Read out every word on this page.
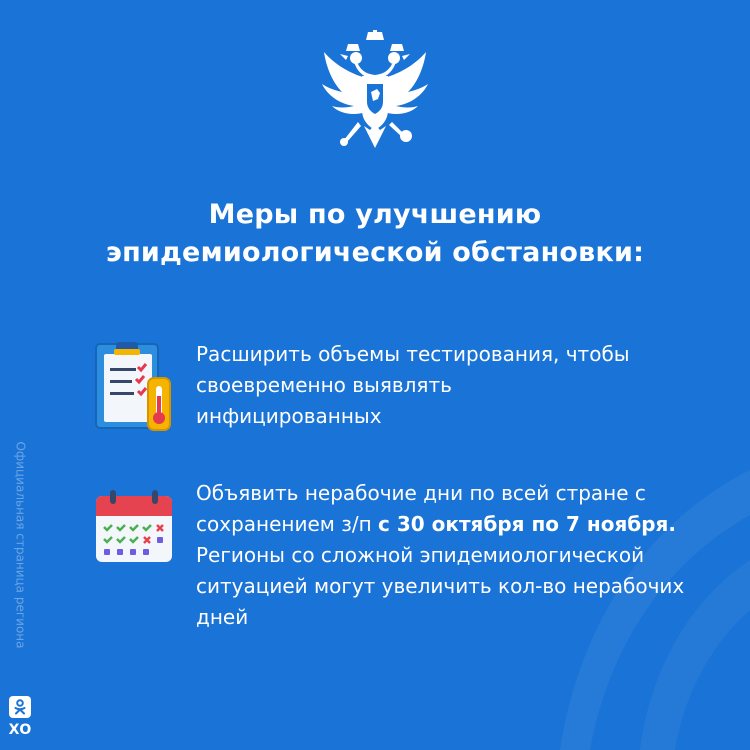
Меры по улучшению
эпидемиологической обстановки:
Расширить объемы тестирования, чтобы своевременно выявлять инфицированных
Объявить нерабочие дни по всей стране с сохранением з/п с 30 октября по 7 ноября. Регионы со сложной эпидемиологической ситуацией могут увеличить кол-во нерабочих дней
Официальная страница региона
ХО
